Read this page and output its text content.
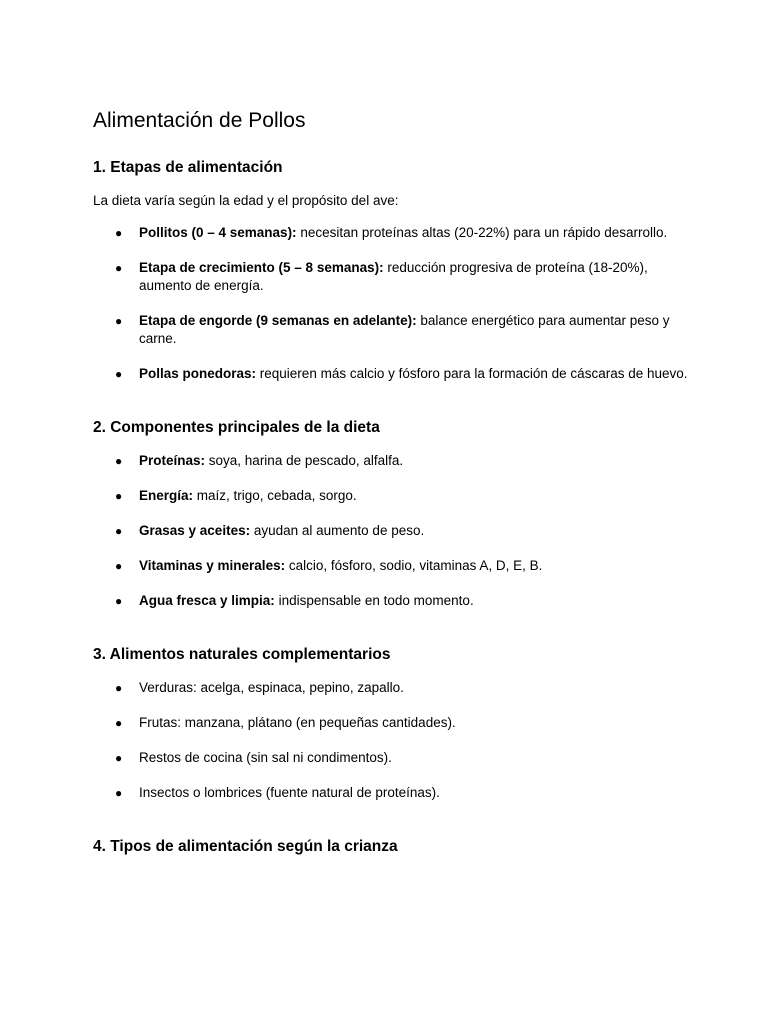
Alimentación de Pollos
1. Etapas de alimentación

La dieta varía según la edad y el propósito del ave:

● Pollitos (0 – 4 semanas): necesitan proteínas altas (20-22%) para un rápido desarrollo.
● Etapa de crecimiento (5 – 8 semanas): reducción progresiva de proteína (18-20%), aumento de energía.
● Etapa de engorde (9 semanas en adelante): balance energético para aumentar peso y carne.
● Pollas ponedoras: requieren más calcio y fósforo para la formación de cáscaras de huevo.
2. Componentes principales de la dieta
● Proteínas: soya, harina de pescado, alfalfa.
● Energía: maíz, trigo, cebada, sorgo.
● Grasas y aceites: ayudan al aumento de peso.
● Vitaminas y minerales: calcio, fósforo, sodio, vitaminas A, D, E, B.
● Agua fresca y limpia: indispensable en todo momento.
3. Alimentos naturales complementarios
● Verduras: acelga, espinaca, pepino, zapallo.
● Frutas: manzana, plátano (en pequeñas cantidades).
● Restos de cocina (sin sal ni condimentos).
● Insectos o lombrices (fuente natural de proteínas).
4. Tipos de alimentación según la crianza
